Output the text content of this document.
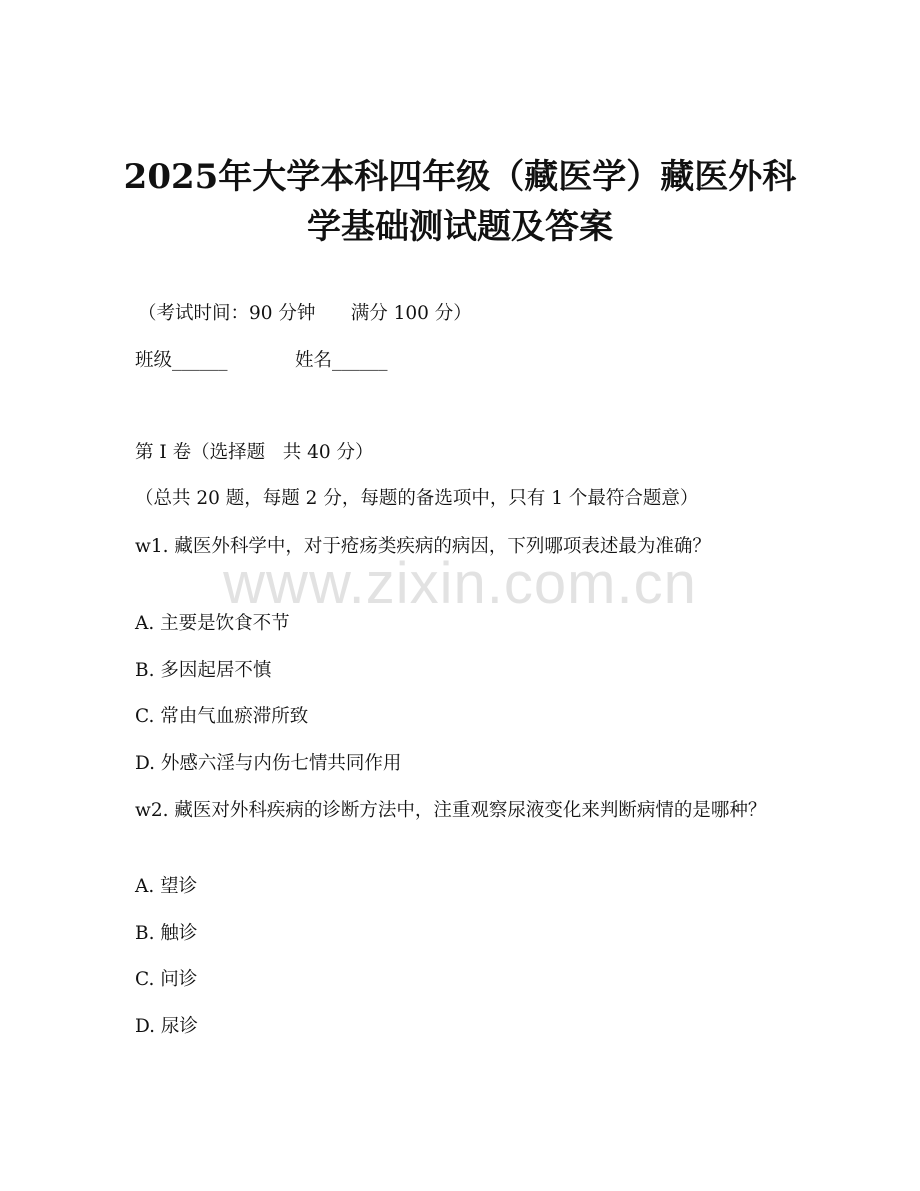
2025年大学本科四年级（藏医学）藏医外科
学基础测试题及答案

（考试时间：90 分钟      满分 100 分）

班级______	姓名______

第 I 卷（选择题   共 40 分）

（总共 20 题，每题 2 分，每题的备选项中，只有 1 个最符合题意）

w1. 藏医外科学中，对于疮疡类疾病的病因，下列哪项表述最为准确？

A. 主要是饮食不节

B. 多因起居不慎

C. 常由气血瘀滞所致

D. 外感六淫与内伤七情共同作用

w2. 藏医对外科疾病的诊断方法中，注重观察尿液变化来判断病情的是哪种？

A. 望诊

B. 触诊

C. 问诊

D. 尿诊

www.zixin.com.cn
